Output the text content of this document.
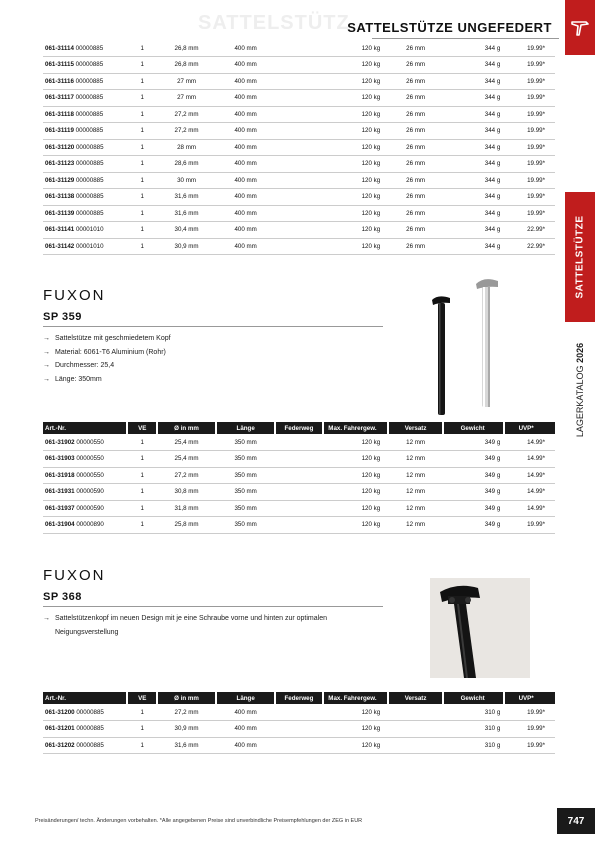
SATTELSTÜTZ
SATTELSTÜTZE UNGEFEDERT
SATTELSTÜTZE
LAGERKATALOG 2026
061-31114 00000885	1	26,8 mm	400 mm		120 kg	26 mm	344 g	19.99*
061-31115 00000885	1	26,8 mm	400 mm		120 kg	26 mm	344 g	19.99*
061-31116 00000885	1	27 mm	400 mm		120 kg	26 mm	344 g	19.99*
061-31117 00000885	1	27 mm	400 mm		120 kg	26 mm	344 g	19.99*
061-31118 00000885	1	27,2 mm	400 mm		120 kg	26 mm	344 g	19.99*
061-31119 00000885	1	27,2 mm	400 mm		120 kg	26 mm	344 g	19.99*
061-31120 00000885	1	28 mm	400 mm		120 kg	26 mm	344 g	19.99*
061-31123 00000885	1	28,6 mm	400 mm		120 kg	26 mm	344 g	19.99*
061-31129 00000885	1	30 mm	400 mm		120 kg	26 mm	344 g	19.99*
061-31138 00000885	1	31,6 mm	400 mm		120 kg	26 mm	344 g	19.99*
061-31139 00000885	1	31,6 mm	400 mm		120 kg	26 mm	344 g	19.99*
061-31141 00001010	1	30,4 mm	400 mm		120 kg	26 mm	344 g	22.99*
061-31142 00001010	1	30,9 mm	400 mm		120 kg	26 mm	344 g	22.99*
FUXON
SP 359
→ Sattelstütze mit geschmiedetem Kopf
→ Material: 6061-T6 Aluminium (Rohr)
→ Durchmesser: 25,4
→ Länge: 350mm
Art.-Nr.	VE	Ø in mm	Länge	Federweg	Max. Fahrergew.	Versatz	Gewicht	UVP*
061-31902 00000550	1	25,4 mm	350 mm		120 kg	12 mm	349 g	14.99*
061-31903 00000550	1	25,4 mm	350 mm		120 kg	12 mm	349 g	14.99*
061-31918 00000550	1	27,2 mm	350 mm		120 kg	12 mm	349 g	14.99*
061-31931 00000590	1	30,8 mm	350 mm		120 kg	12 mm	349 g	14.99*
061-31937 00000590	1	31,8 mm	350 mm		120 kg	12 mm	349 g	14.99*
061-31904 00000890	1	25,8 mm	350 mm		120 kg	12 mm	349 g	19.99*
FUXON
SP 368
→ Sattelstützenkopf im neuen Design mit je eine Schraube vorne und hinten zur optimalen Neigungsverstellung
Art.-Nr.	VE	Ø in mm	Länge	Federweg	Max. Fahrergew.	Versatz	Gewicht	UVP*
061-31200 00000885	1	27,2 mm	400 mm		120 kg		310 g	19.99*
061-31201 00000885	1	30,9 mm	400 mm		120 kg		310 g	19.99*
061-31202 00000885	1	31,6 mm	400 mm		120 kg		310 g	19.99*
Preisänderungen/ techn. Änderungen vorbehalten. *Alle angegebenen Preise sind unverbindliche Preisempfehlungen der ZEG in EUR	747
